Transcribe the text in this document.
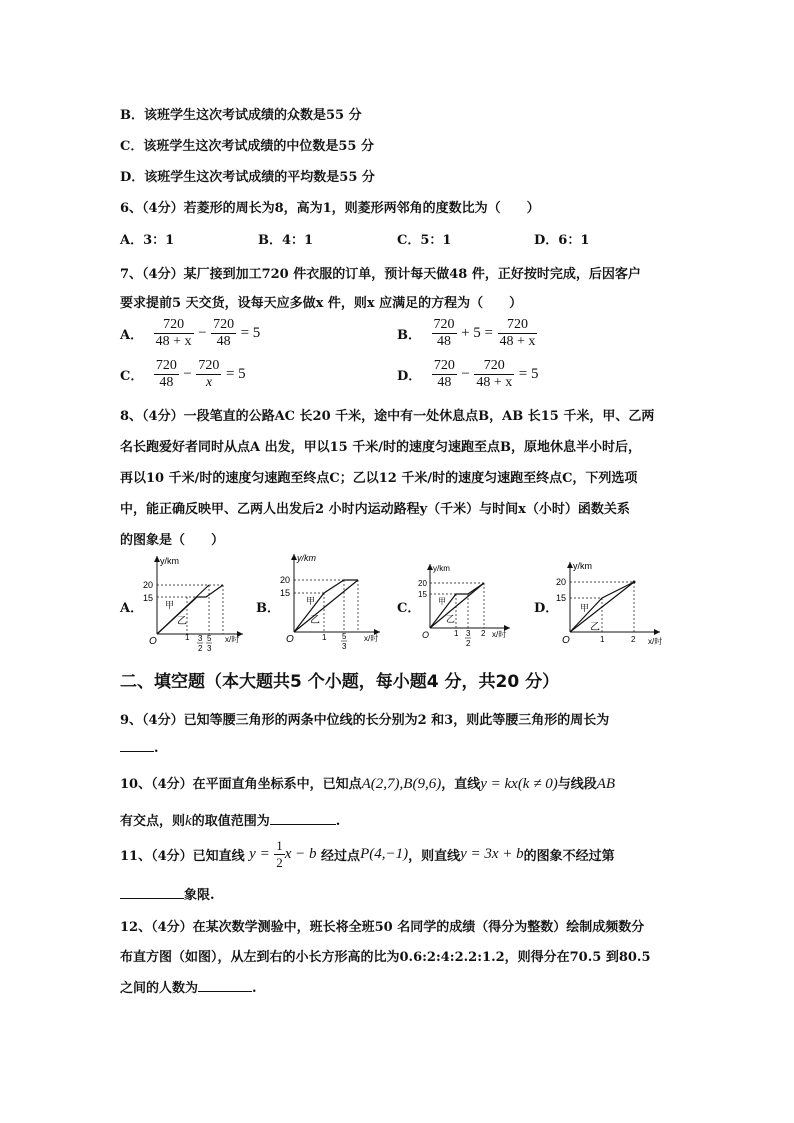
B．该班学生这次考试成绩的众数是55 分
C．该班学生这次考试成绩的中位数是55 分
D．该班学生这次考试成绩的平均数是55 分
6、（4分）若菱形的周长为8，高为1，则菱形两邻角的度数比为（　　）
A．3：1	B．4：1	C．5：1	D．6：1
7、（4分）某厂接到加工720 件衣服的订单，预计每天做48 件，正好按时完成，后因客户
要求提前5 天交货，设每天应多做x 件，则x 应满足的方程为（　　）
A． $\frac{720}{48 + x} - \frac{720}{48} = 5$	B． $\frac{720}{48} + 5 = \frac{720}{48 + x}$
C． $\frac{720}{48} - \frac{720}{x} = 5$	D． $\frac{720}{48} - \frac{720}{48 + x} = 5$
8、（4分）一段笔直的公路AC 长20 千米，途中有一处休息点B，AB 长15 千米，甲、乙两
名长跑爱好者同时从点A 出发，甲以15 千米/时的速度匀速跑至点B，原地休息半小时后，
再以10 千米/时的速度匀速跑至终点C；乙以12 千米/时的速度匀速跑至终点C，下列选项
中，能正确反映甲、乙两人出发后2 小时内运动路程y（千米）与时间x（小时）函数关系
的图象是（　　）
A．	B．	C．	D．
y/km
20
15
O
甲
乙
1 3
2
5
3
x/时
y/km
20
15
O
甲
乙
1 5
3
x/时
y/km
20
15
O
甲
乙
1 3
2
2 x/时
y/km
20
15
O
甲
乙
1	2 x/时
二、填空题（本大题共5 个小题，每小题4 分，共20 分）
9、（4分）已知等腰三角形的两条中位线的长分别为2 和3，则此等腰三角形的周长为
.
10、（4分）在平面直角坐标系中，已知点A(2,7),B(9,6)，直线y = kx(k ≠ 0)与线段AB
有交点，则k的取值范围为	.
11、（4分）已知直线 $y = \frac{1}{2}$ x − b 经过点P(4,−1)，则直线y = 3x + b的图象不经过第
象限.
12、（4分）在某次数学测验中，班长将全班50 名同学的成绩（得分为整数）绘制成频数分
布直方图（如图），从左到右的小长方形高的比为0.6:2:4:2.2:1.2，则得分在70.5 到80.5
之间的人数为	.
